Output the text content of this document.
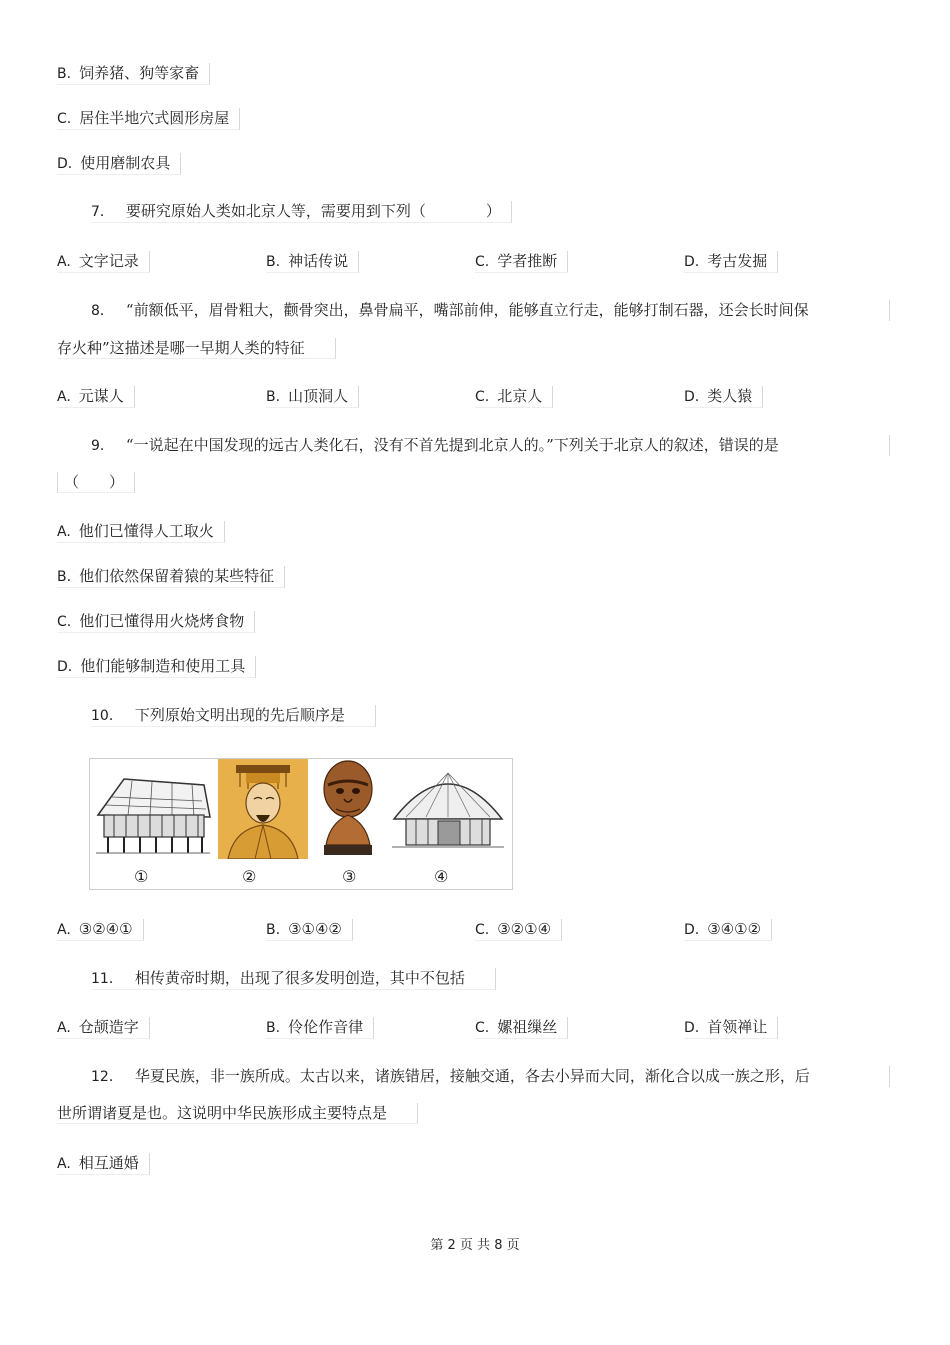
B. 饲养猪、狗等家畜
C. 居住半地穴式圆形房屋
D. 使用磨制农具
7． 要研究原始人类如北京人等，需要用到下列（　　　　）
A. 文字记录	B. 神话传说	C. 学者推断	D. 考古发掘
8． “前额低平，眉骨粗大，颧骨突出，鼻骨扁平，嘴部前伸，能够直立行走，能够打制石器，还会长时间保
存火种”这描述是哪一早期人类的特征
A. 元谋人	B. 山顶洞人	C. 北京人	D. 类人猿
9． “一说起在中国发现的远古人类化石，没有不首先提到北京人的。”下列关于北京人的叙述，错误的是
（　　）
A. 他们已懂得人工取火
B. 他们依然保留着猿的某些特征
C. 他们已懂得用火烧烤食物
D. 他们能够制造和使用工具
10． 下列原始文明出现的先后顺序是
①	②	③	④
A. ③②④①	B. ③①④②	C. ③②①④	D. ③④①②
11． 相传黄帝时期，出现了很多发明创造，其中不包括
A. 仓颉造字	B. 伶伦作音律	C. 嫘祖缫丝	D. 首领禅让
12． 华夏民族，非一族所成。太古以来，诸族错居，接触交通，各去小异而大同，渐化合以成一族之形，后
世所谓诸夏是也。这说明中华民族形成主要特点是
A. 相互通婚
第 2 页 共 8 页
